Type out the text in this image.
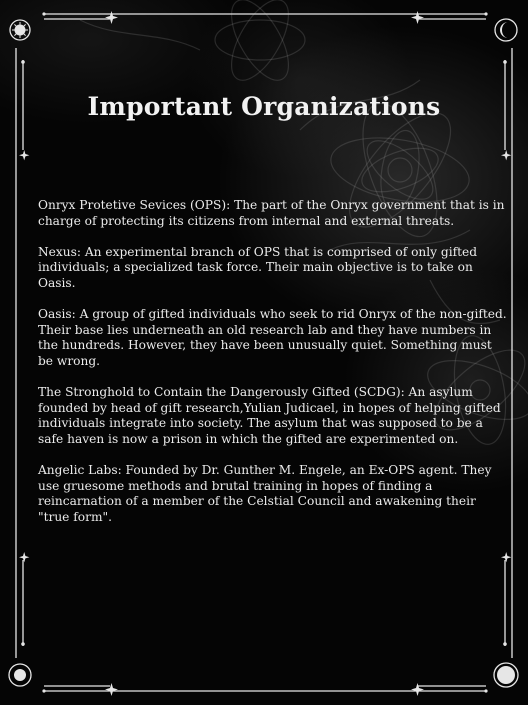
Important Organizations

Onryx Protetive Sevices (OPS): The part of the Onryx government that is in charge of protecting its citizens from internal and external threats.

Nexus: An experimental branch of OPS that is comprised of only gifted individuals; a specialized task force. Their main objective is to take on Oasis.

Oasis: A group of gifted individuals who seek to rid Onryx of the non-gifted. Their base lies underneath an old research lab and they have numbers in the hundreds. However, they have been unusually quiet. Something must be wrong.

The Stronghold to Contain the Dangerously Gifted (SCDG): An asylum founded by head of gift research,Yulian Judicael, in hopes of helping gifted individuals integrate into society. The asylum that was supposed to be a safe haven is now a prison in which the gifted are experimented on.

Angelic Labs: Founded by Dr. Gunther M. Engele, an Ex-OPS agent. They use gruesome methods and brutal training in hopes of finding a reincarnation of a member of the Celstial Council and awakening their "true form".
